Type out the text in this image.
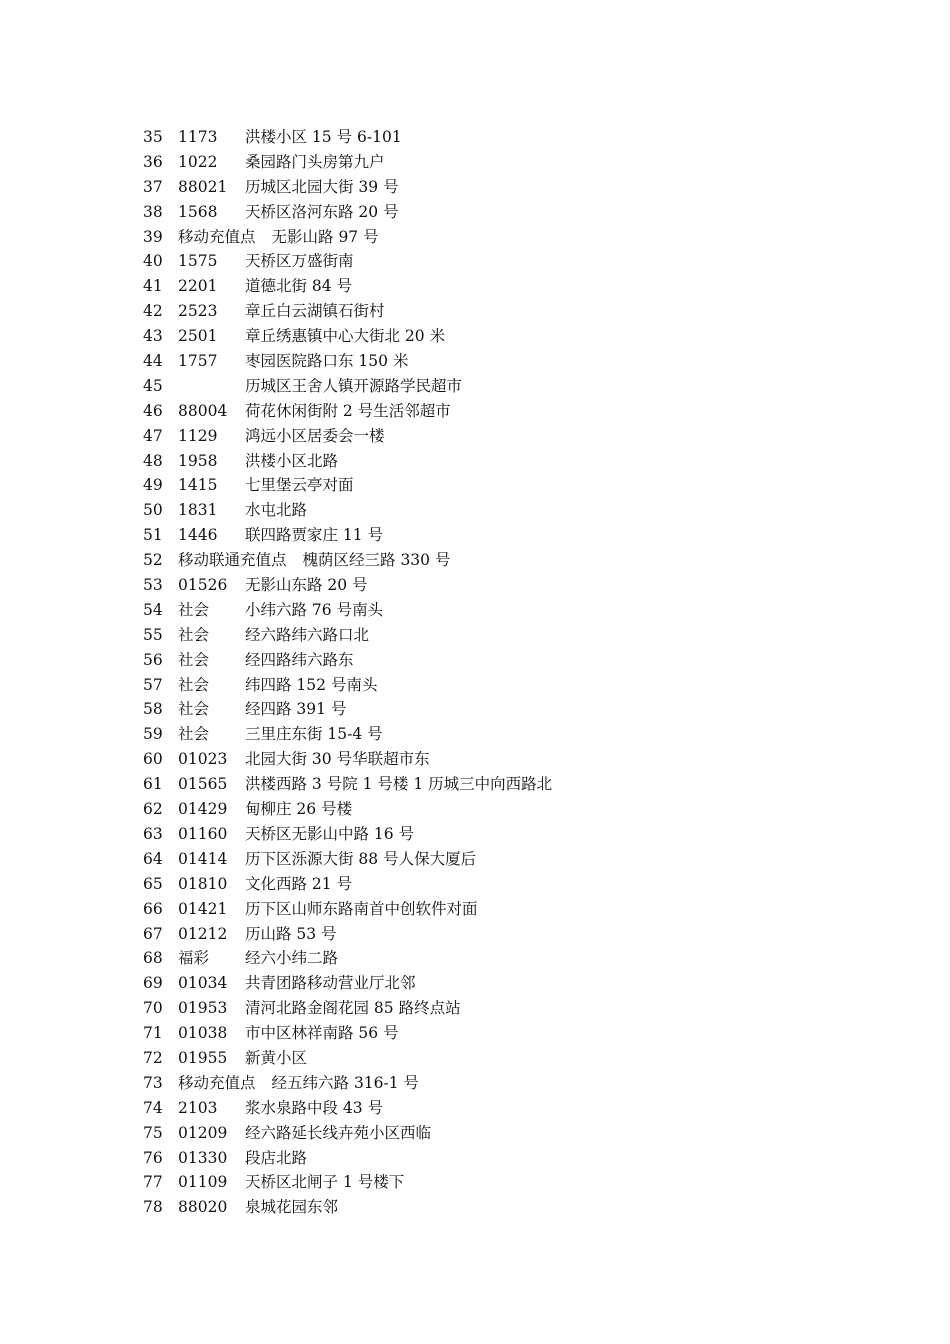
35 1173 洪楼小区 15 号 6-101
36 1022 桑园路门头房第九户
37 88021 历城区北园大街 39 号
38 1568 天桥区洛河东路 20 号
39 移动充值点 无影山路 97 号
40 1575 天桥区万盛街南
41 2201 道德北街 84 号
42 2523 章丘白云湖镇石街村
43 2501 章丘绣惠镇中心大街北 20 米
44 1757 枣园医院路口东 150 米
45	历城区王舍人镇开源路学民超市
46 88004 荷花休闲街附 2 号生活邻超市
47 1129 鸿远小区居委会一楼
48 1958 洪楼小区北路
49 1415 七里堡云亭对面
50 1831 水屯北路
51 1446 联四路贾家庄 11 号
52 移动联通充值点 槐荫区经三路 330 号
53 01526 无影山东路 20 号
54 社会 小纬六路 76 号南头
55 社会 经六路纬六路口北
56 社会 经四路纬六路东
57 社会 纬四路 152 号南头
58 社会 经四路 391 号
59 社会 三里庄东街 15-4 号
60 01023 北园大街 30 号华联超市东
61 01565 洪楼西路 3 号院 1 号楼 1 历城三中向西路北
62 01429 甸柳庄 26 号楼
63 01160 天桥区无影山中路 16 号
64 01414 历下区泺源大街 88 号人保大厦后
65 01810 文化西路 21 号
66 01421 历下区山师东路南首中创软件对面
67 01212 历山路 53 号
68 福彩 经六小纬二路
69 01034 共青团路移动营业厅北邻
70 01953 清河北路金阁花园 85 路终点站
71 01038 市中区林祥南路 56 号
72 01955 新黄小区
73 移动充值点 经五纬六路 316-1 号
74 2103 浆水泉路中段 43 号
75 01209 经六路延长线卉苑小区西临
76 01330 段店北路
77 01109 天桥区北闸子 1 号楼下
78 88020 泉城花园东邻
